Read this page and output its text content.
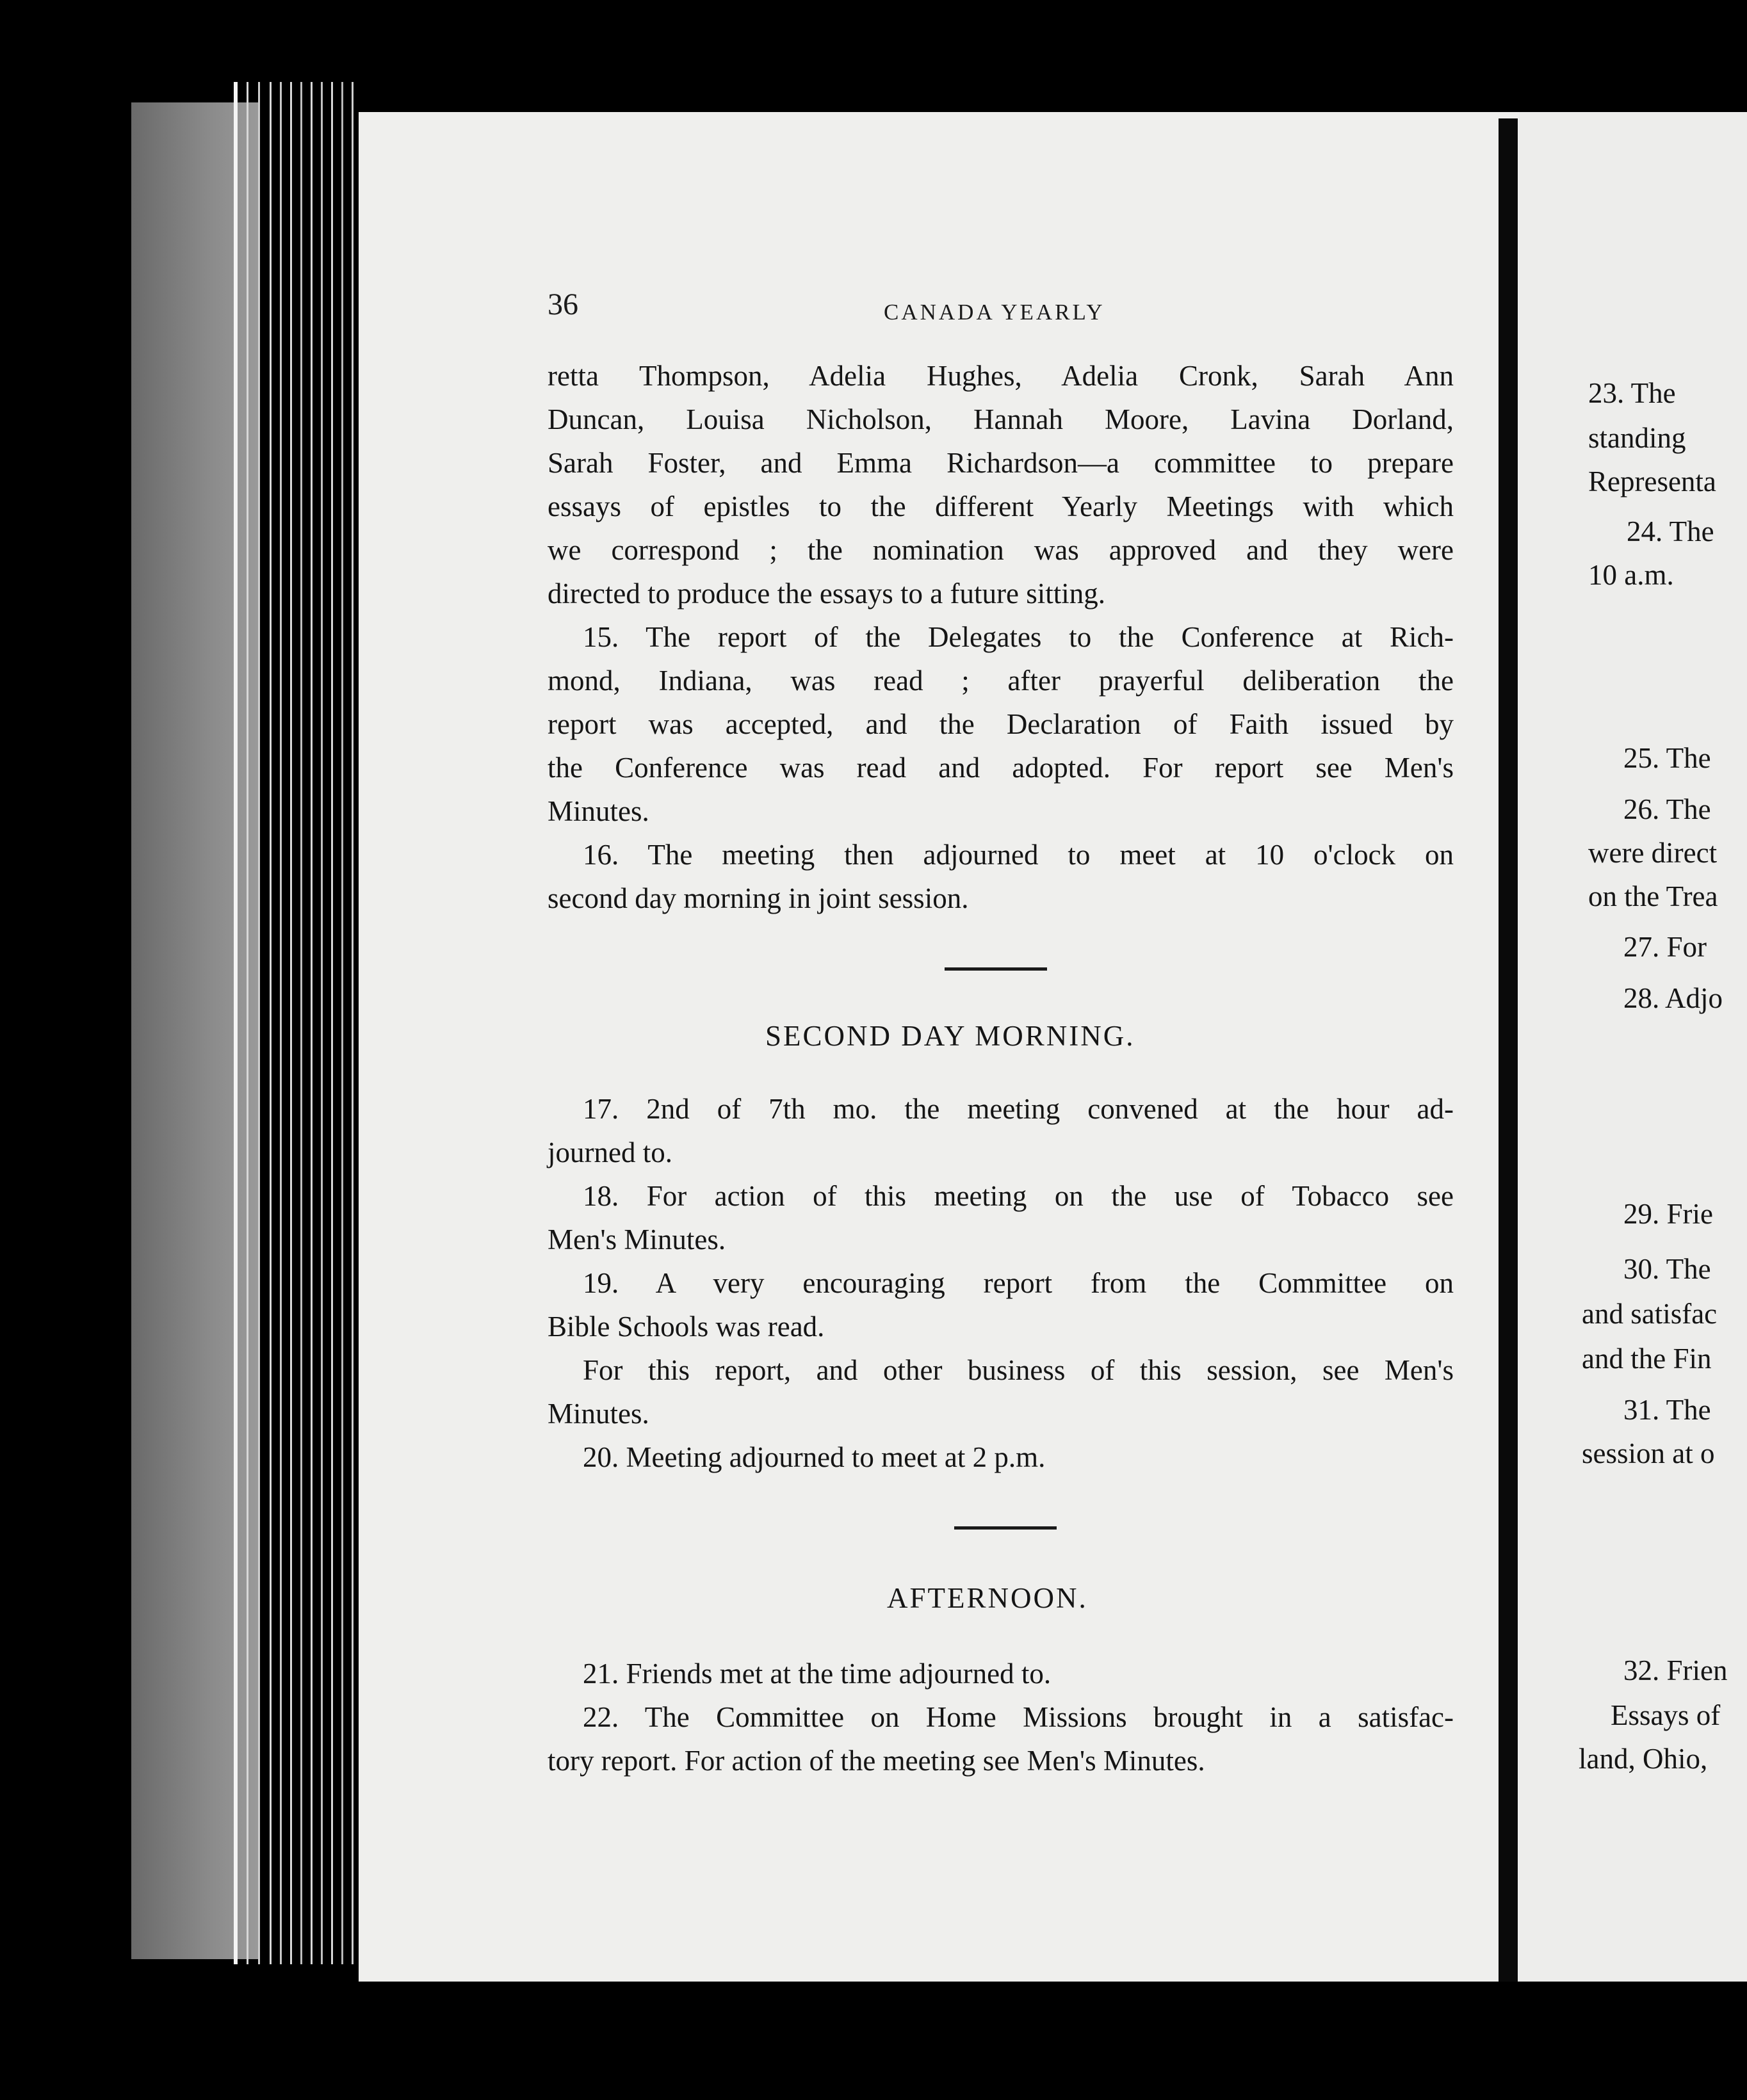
36	CANADA YEARLY
retta Thompson, Adelia Hughes, Adelia Cronk, Sarah Ann
Duncan, Louisa Nicholson, Hannah Moore, Lavina Dorland,
Sarah Foster, and Emma Richardson—a committee to prepare
essays of epistles to the different Yearly Meetings with which
we correspond ; the nomination was approved and they were
directed to produce the essays to a future sitting.
15. The report of the Delegates to the Conference at Rich-
mond, Indiana, was read ; after prayerful deliberation the
report was accepted, and the Declaration of Faith issued by
the Conference was read and adopted. For report see Men's
Minutes.
16. The meeting then adjourned to meet at 10 o'clock on
second day morning in joint session.
SECOND DAY MORNING.
17. 2nd of 7th mo. the meeting convened at the hour ad-
journed to.
18. For action of this meeting on the use of Tobacco see
Men's Minutes.
19. A very encouraging report from the Committee on
Bible Schools was read.
For this report, and other business of this session, see Men's
Minutes.
20. Meeting adjourned to meet at 2 p.m.
AFTERNOON.
21. Friends met at the time adjourned to.
22. The Committee on Home Missions brought in a satisfac-
tory report. For action of the meeting see Men's Minutes.
23. The
standing
Representa
24. The
10 a.m.
25. The
26. The
were direct
on the Trea
27. For
28. Adjo
29. Frie
30. The
and satisfac
and the Fin
31. The
session at o
32. Frien
Essays of
land, Ohio,
